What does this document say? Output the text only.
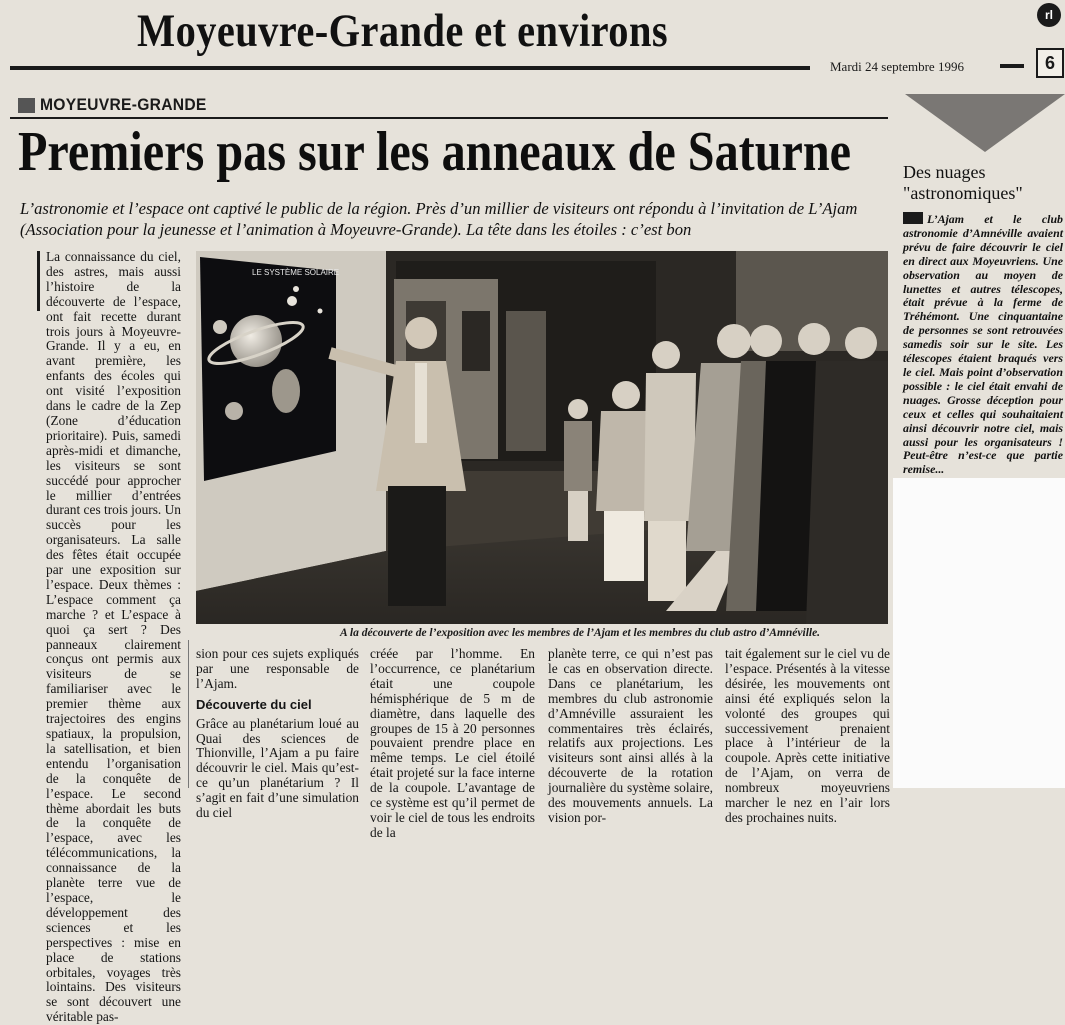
rl
Moyeuvre-Grande et environs
Mardi 24 septembre 1996	6
MOYEUVRE-GRANDE
Premiers pas sur les anneaux de Saturne
L’astronomie et l’espace ont captivé le public de la région. Près d’un millier de visiteurs ont répondu à l’invitation de L’Ajam (Association pour la jeunesse et l’animation à Moyeuvre-Grande). La tête dans les étoiles : c’est bon
LE SYSTÈME SOLAIRE
A la découverte de l’exposition avec les membres de l’Ajam et les membres du club astro d’Amnéville.

La connaissance du ciel, des astres, mais aussi l’histoire de la découverte de l’espace, ont fait recette durant trois jours à Moyeuvre-Grande. Il y a eu, en avant première, les enfants des écoles qui ont visité l’exposition dans le cadre de la Zep (Zone d’éducation prioritaire). Puis, samedi après-midi et dimanche, les visiteurs se sont succédé pour approcher le millier d’entrées durant ces trois jours. Un succès pour les organisateurs. La salle des fêtes était occupée par une exposition sur l’espace. Deux thèmes : L’espace comment ça marche ? et L’espace à quoi ça sert ? Des panneaux clairement conçus ont permis aux visiteurs de se familiariser avec le premier thème aux trajectoires des engins spatiaux, la propulsion, la satellisation, et bien entendu l’organisation de la conquête de l’espace. Le second thème abordait les buts de la conquête de l’espace, avec les télécommunications, la connaissance de la planète terre vue de l’espace, le développement des sciences et les perspectives : mise en place de stations orbitales, voyages très lointains. Des visiteurs se sont découvert une véritable pas-

sion pour ces sujets expliqués par une responsable de l’Ajam.

Découverte du ciel

Grâce au planétarium loué au Quai des sciences de Thionville, l’Ajam a pu faire découvrir le ciel. Mais qu’est-ce qu’un planétarium ? Il s’agit en fait d’une simulation du ciel

créée par l’homme. En l’occurrence, ce planétarium était une coupole hémisphérique de 5 m de diamètre, dans laquelle des groupes de 15 à 20 personnes pouvaient prendre place en même temps. Le ciel étoilé était projeté sur la face interne de la coupole. L’avantage de ce système est qu’il permet de voir le ciel de tous les endroits de la

planète terre, ce qui n’est pas le cas en observation directe. Dans ce planétarium, les membres du club astronomie d’Amnéville assuraient les commentaires très éclairés, relatifs aux projections. Les visiteurs sont ainsi allés à la découverte de la rotation journalière du système solaire, des mouvements annuels. La vision por-

tait également sur le ciel vu de l’espace. Présentés à la vitesse désirée, les mouvements ont ainsi été expliqués selon la volonté des groupes qui successivement prenaient place à l’intérieur de la coupole. Après cette initiative de l’Ajam, on verra de nombreux moyeuvriens marcher le nez en l’air lors des prochaines nuits.

Des nuages "astronomiques"
L’Ajam et le club astronomie d’Amnéville avaient prévu de faire découvrir le ciel en direct aux Moyeuvriens. Une observation au moyen de lunettes et autres télescopes, était prévue à la ferme de Tréhémont. Une cinquantaine de personnes se sont retrouvées samedis soir sur le site. Les télescopes étaient braqués vers le ciel. Mais point d’observation possible : le ciel était envahi de nuages. Grosse déception pour ceux et celles qui souhaitaient ainsi découvrir notre ciel, mais aussi pour les organisateurs ! Peut-être n’est-ce que partie remise...
